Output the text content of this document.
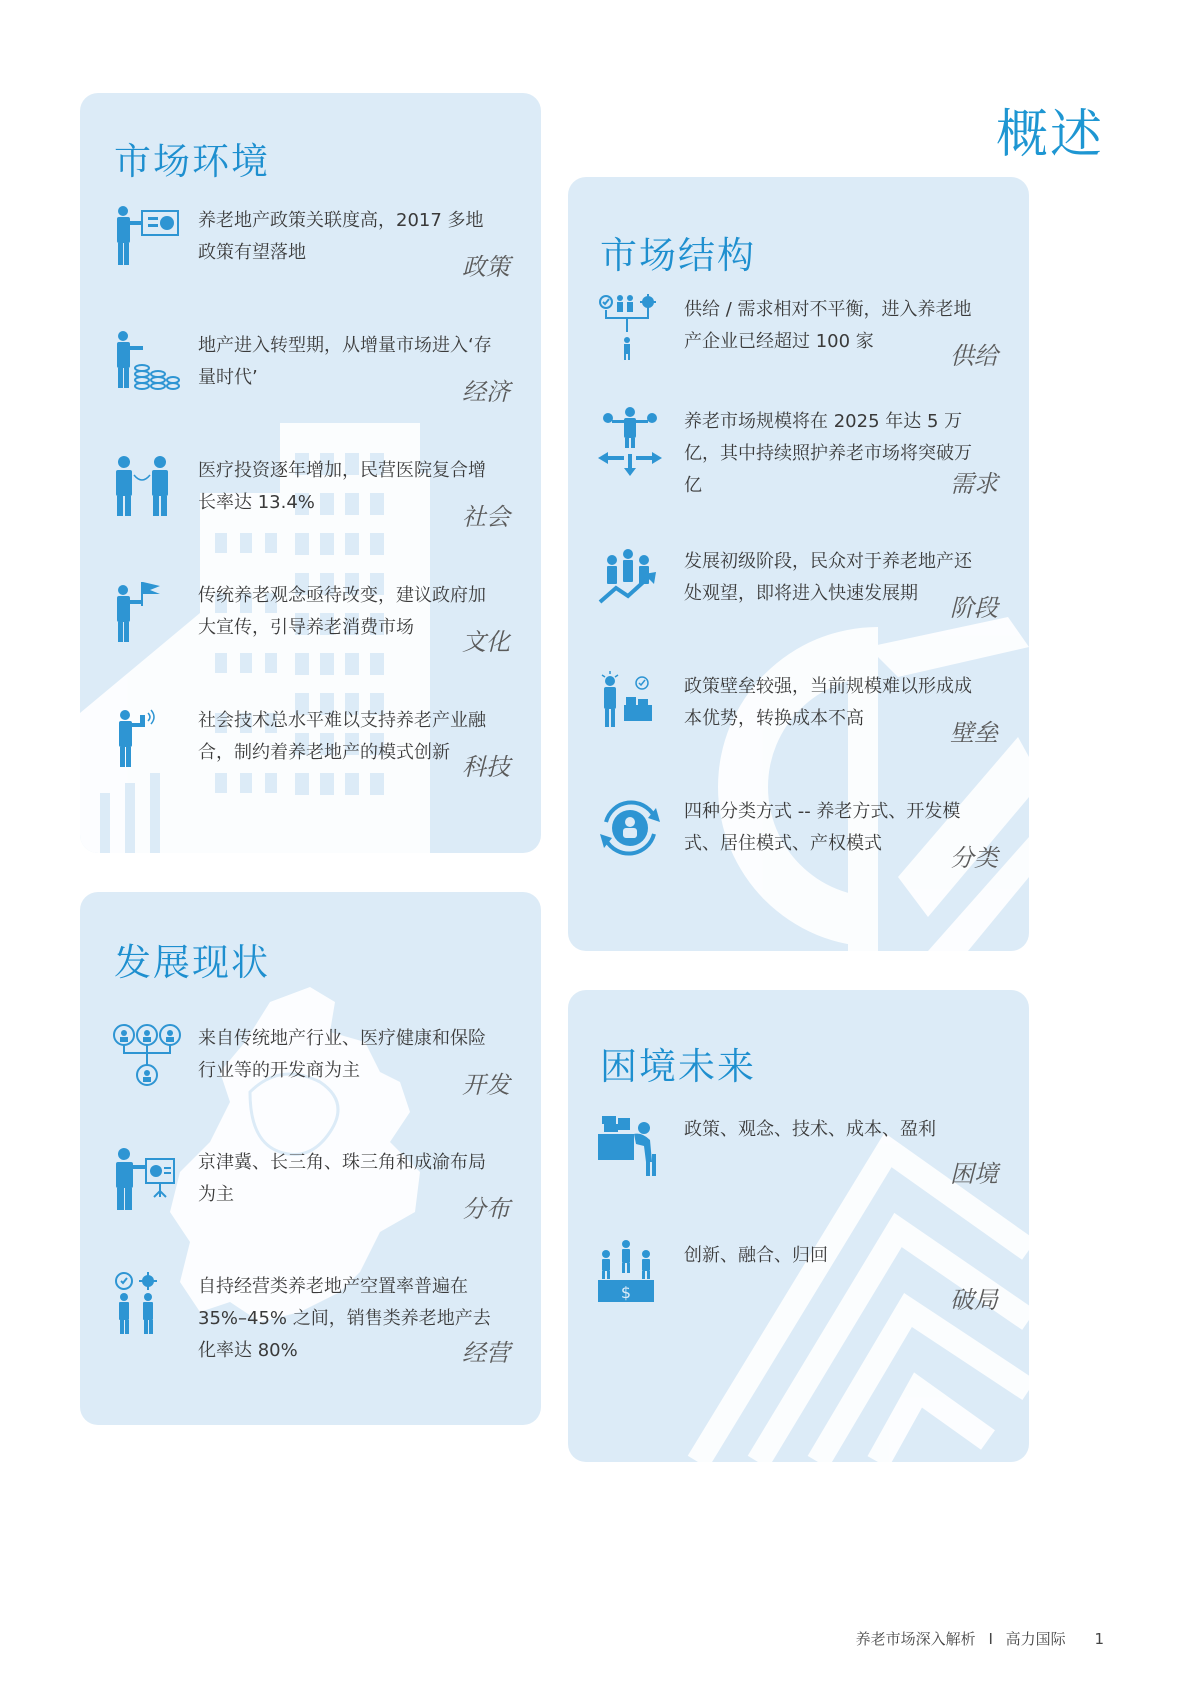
概述
市场环境
养老地产政策关联度高，2017 多地政策有望落地
政策
地产进入转型期，从增量市场进入‘存量时代’
经济
医疗投资逐年增加，民营医院复合增长率达 13.4%
社会
传统养老观念亟待改变，建议政府加大宣传，引导养老消费市场
文化
社会技术总水平难以支持养老产业融合，制约着养老地产的模式创新
科技
发展现状
来自传统地产行业、医疗健康和保险行业等的开发商为主
开发
京津冀、长三角、珠三角和成渝布局为主
分布
自持经营类养老地产空置率普遍在 35%–45% 之间，销售类养老地产去化率达 80%	经营
市场结构
供给 / 需求相对不平衡，进入养老地产企业已经超过 100 家
供给
养老市场规模将在 2025 年达 5 万亿，其中持续照护养老市场将突破万亿	需求
发展初级阶段，民众对于养老地产还处观望，即将进入快速发展期
阶段
政策壁垒较强，当前规模难以形成成本优势，转换成本不高
壁垒
四种分类方式 -- 养老方式、开发模式、居住模式、产权模式
分类
困境未来
政策、观念、技术、成本、盈利
困境
$
创新、融合、归回
破局
养老市场深入解析 I 高力国际 1
